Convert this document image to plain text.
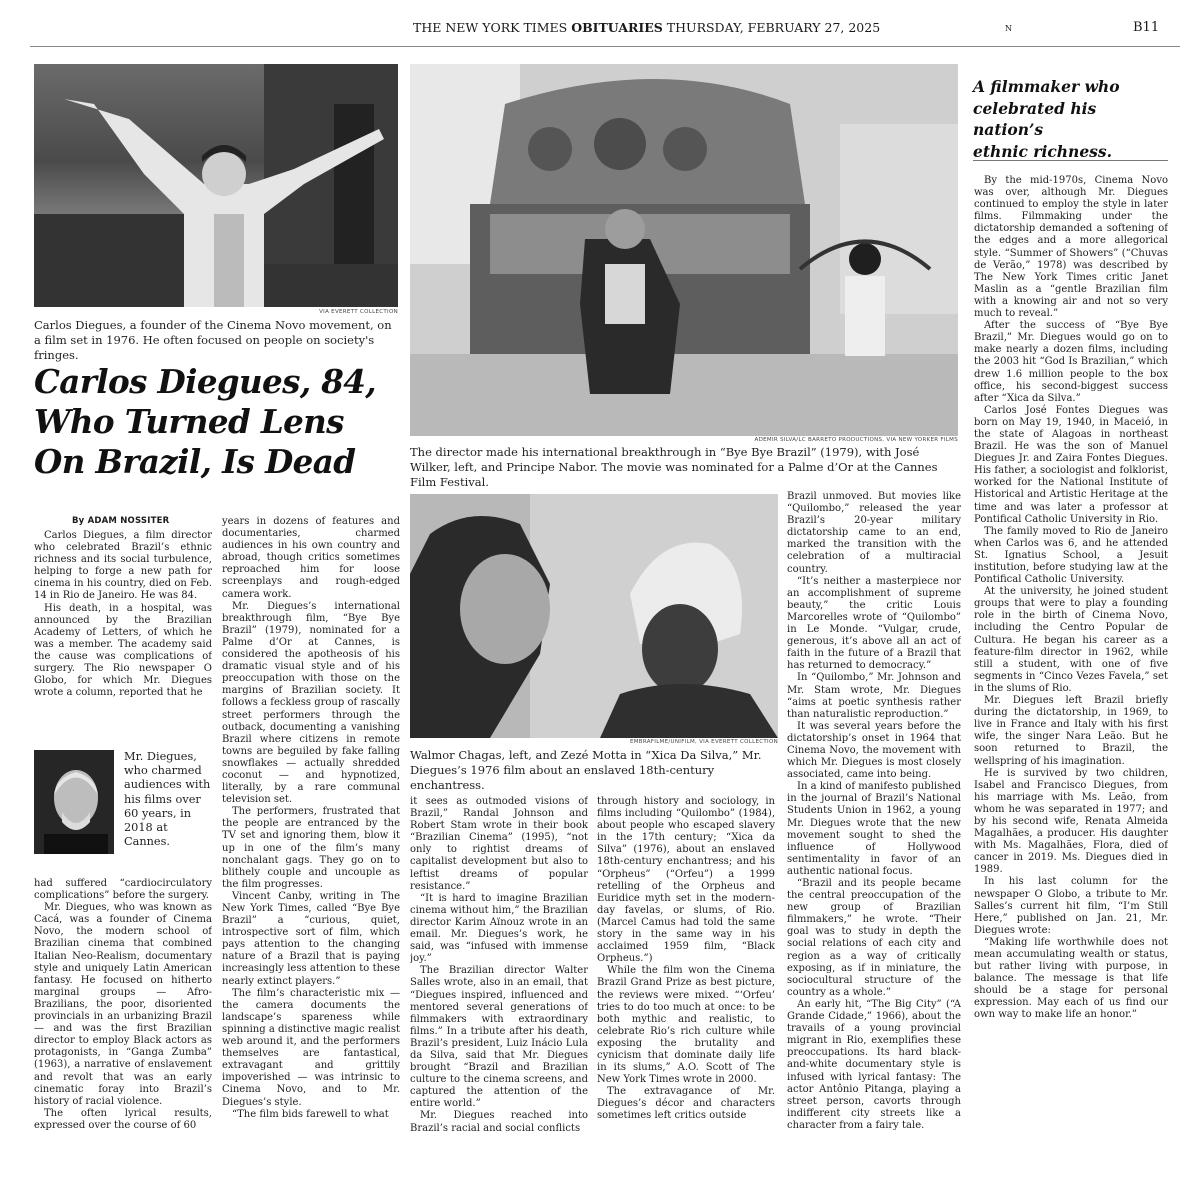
THE NEW YORK TIMES OBITUARIES THURSDAY, FEBRUARY 27, 2025	N	B11
VIA EVERETT COLLECTION
Carlos Diegues, a founder of the Cinema Novo movement, on a film set in 1976. He often focused on people on society's fringes.
Carlos Diegues, 84,
Who Turned Lens
On Brazil, Is Dead
ADEMIR SILVA/LC BARRETO PRODUCTIONS, VIA NEW YORKER FILMS
The director made his international breakthrough in “Bye Bye Brazil” (1979), with José Wilker, left, and Principe Nabor. The movie was nominated for a Palme d’Or at the Cannes Film Festival.
A filmmaker who
celebrated his nation’s
ethnic richness.
EMBRAFILME/UNIFILM, VIA EVERETT COLLECTION
Walmor Chagas, left, and Zezé Motta in “Xica Da Silva,” Mr. Diegues’s 1976 film about an enslaved 18th-century enchantress.
Mr. Diegues, who charmed audiences with his films over 60 years, in 2018 at Cannes.
By ADAM NOSSITER

Carlos Diegues, a film director who celebrated Brazil’s ethnic richness and its social turbulence, helping to forge a new path for cinema in his country, died on Feb. 14 in Rio de Janeiro. He was 84.

His death, in a hospital, was announced by the Brazilian Academy of Letters, of which he was a member. The academy said the cause was complications of surgery. The Rio newspaper O Globo, for which Mr. Diegues wrote a column, reported that he

had suffered “cardiocirculatory complications” before the surgery.

Mr. Diegues, who was known as Cacá, was a founder of Cinema Novo, the modern school of Brazilian cinema that combined Italian Neo-Realism, documentary style and uniquely Latin American fantasy. He focused on hitherto marginal groups — Afro-Brazilians, the poor, disoriented provincials in an urbanizing Brazil — and was the first Brazilian director to employ Black actors as protagonists, in “Ganga Zumba” (1963), a narrative of enslavement and revolt that was an early cinematic foray into Brazil’s history of racial violence.

The often lyrical results, expressed over the course of 60

years in dozens of features and documentaries, charmed audiences in his own country and abroad, though critics sometimes reproached him for loose screenplays and rough-edged camera work.

Mr. Diegues’s international breakthrough film, “Bye Bye Brazil” (1979), nominated for a Palme d’Or at Cannes, is considered the apotheosis of his dramatic visual style and of his preoccupation with those on the margins of Brazilian society. It follows a feckless group of rascally street performers through the outback, documenting a vanishing Brazil where citizens in remote towns are beguiled by fake falling snowflakes — actually shredded coconut — and hypnotized, literally, by a rare communal television set.

The performers, frustrated that the people are entranced by the TV set and ignoring them, blow it up in one of the film’s many nonchalant gags. They go on to blithely couple and uncouple as the film progresses.

Vincent Canby, writing in The New York Times, called “Bye Bye Brazil” a “curious, quiet, introspective sort of film, which pays attention to the changing nature of a Brazil that is paying increasingly less attention to these nearly extinct players.”

The film’s characteristic mix — the camera documents the landscape’s spareness while spinning a distinctive magic realist web around it, and the performers themselves are fantastical, extravagant and grittily impoverished — was intrinsic to Cinema Novo, and to Mr. Diegues’s style.

“The film bids farewell to what

it sees as outmoded visions of Brazil,” Randal Johnson and Robert Stam wrote in their book “Brazilian Cinema” (1995), “not only to rightist dreams of capitalist development but also to leftist dreams of popular resistance.”

“It is hard to imagine Brazilian cinema without him,” the Brazilian director Karim Aïnouz wrote in an email. Mr. Diegues’s work, he said, was “infused with immense joy.”

The Brazilian director Walter Salles wrote, also in an email, that “Diegues inspired, influenced and mentored several generations of filmmakers with extraordinary films.” In a tribute after his death, Brazil’s president, Luiz Inácio Lula da Silva, said that Mr. Diegues brought “Brazil and Brazilian culture to the cinema screens, and captured the attention of the entire world.”

Mr. Diegues reached into Brazil’s racial and social conflicts

through history and sociology, in films including “Quilombo” (1984), about people who escaped slavery in the 17th century; “Xica da Silva” (1976), about an enslaved 18th-century enchantress; and his “Orpheus” (“Orfeu”) a 1999 retelling of the Orpheus and Euridice myth set in the modern-day favelas, or slums, of Rio. (Marcel Camus had told the same story in the same way in his acclaimed 1959 film, “Black Orpheus.”)

While the film won the Cinema Brazil Grand Prize as best picture, the reviews were mixed. “‘Orfeu’ tries to do too much at once: to be both mythic and realistic, to celebrate Rio’s rich culture while exposing the brutality and cynicism that dominate daily life in its slums,” A.O. Scott of The New York Times wrote in 2000.

The extravagance of Mr. Diegues’s décor and characters sometimes left critics outside

Brazil unmoved. But movies like “Quilombo,” released the year Brazil’s 20-year military dictatorship came to an end, marked the transition with the celebration of a multiracial country.

“It’s neither a masterpiece nor an accomplishment of supreme beauty,” the critic Louis Marcorelles wrote of “Quilombo” in Le Monde. “Vulgar, crude, generous, it’s above all an act of faith in the future of a Brazil that has returned to democracy.”

In “Quilombo,” Mr. Johnson and Mr. Stam wrote, Mr. Diegues “aims at poetic synthesis rather than naturalistic reproduction.”

It was several years before the dictatorship’s onset in 1964 that Cinema Novo, the movement with which Mr. Diegues is most closely associated, came into being.

In a kind of manifesto published in the journal of Brazil’s National Students Union in 1962, a young Mr. Diegues wrote that the new movement sought to shed the influence of Hollywood sentimentality in favor of an authentic national focus.

“Brazil and its people became the central preoccupation of the new group of Brazilian filmmakers,” he wrote. “Their goal was to study in depth the social relations of each city and region as a way of critically exposing, as if in miniature, the sociocultural structure of the country as a whole.”

An early hit, “The Big City” (“A Grande Cidade,” 1966), about the travails of a young provincial migrant in Rio, exemplifies these preoccupations. Its hard black-and-white documentary style is infused with lyrical fantasy: The actor Antônio Pitanga, playing a street person, cavorts through indifferent city streets like a character from a fairy tale.

By the mid-1970s, Cinema Novo was over, although Mr. Diegues continued to employ the style in later films. Filmmaking under the dictatorship demanded a softening of the edges and a more allegorical style. “Summer of Showers” (“Chuvas de Verão,” 1978) was described by The New York Times critic Janet Maslin as a “gentle Brazilian film with a knowing air and not so very much to reveal.”

After the success of “Bye Bye Brazil,” Mr. Diegues would go on to make nearly a dozen films, including the 2003 hit “God Is Brazilian,” which drew 1.6 million people to the box office, his second-biggest success after “Xica da Silva.”

Carlos José Fontes Diegues was born on May 19, 1940, in Maceió, in the state of Alagoas in northeast Brazil. He was the son of Manuel Diegues Jr. and Zaira Fontes Diegues. His father, a sociologist and folklorist, worked for the National Institute of Historical and Artistic Heritage at the time and was later a professor at Pontifical Catholic University in Rio.

The family moved to Rio de Janeiro when Carlos was 6, and he attended St. Ignatius School, a Jesuit institution, before studying law at the Pontifical Catholic University.

At the university, he joined student groups that were to play a founding role in the birth of Cinema Novo, including the Centro Popular de Cultura. He began his career as a feature-film director in 1962, while still a student, with one of five segments in “Cinco Vezes Favela,” set in the slums of Rio.

Mr. Diegues left Brazil briefly during the dictatorship, in 1969, to live in France and Italy with his first wife, the singer Nara Leão. But he soon returned to Brazil, the wellspring of his imagination.

He is survived by two children, Isabel and Francisco Diegues, from his marriage with Ms. Leão, from whom he was separated in 1977; and by his second wife, Renata Almeida Magalhães, a producer. His daughter with Ms. Magalhães, Flora, died of cancer in 2019. Ms. Diegues died in 1989.

In his last column for the newspaper O Globo, a tribute to Mr. Salles’s current hit film, “I’m Still Here,” published on Jan. 21, Mr. Diegues wrote:

“Making life worthwhile does not mean accumulating wealth or status, but rather living with purpose, in balance. The message is that life should be a stage for personal expression. May each of us find our own way to make life an honor.”
